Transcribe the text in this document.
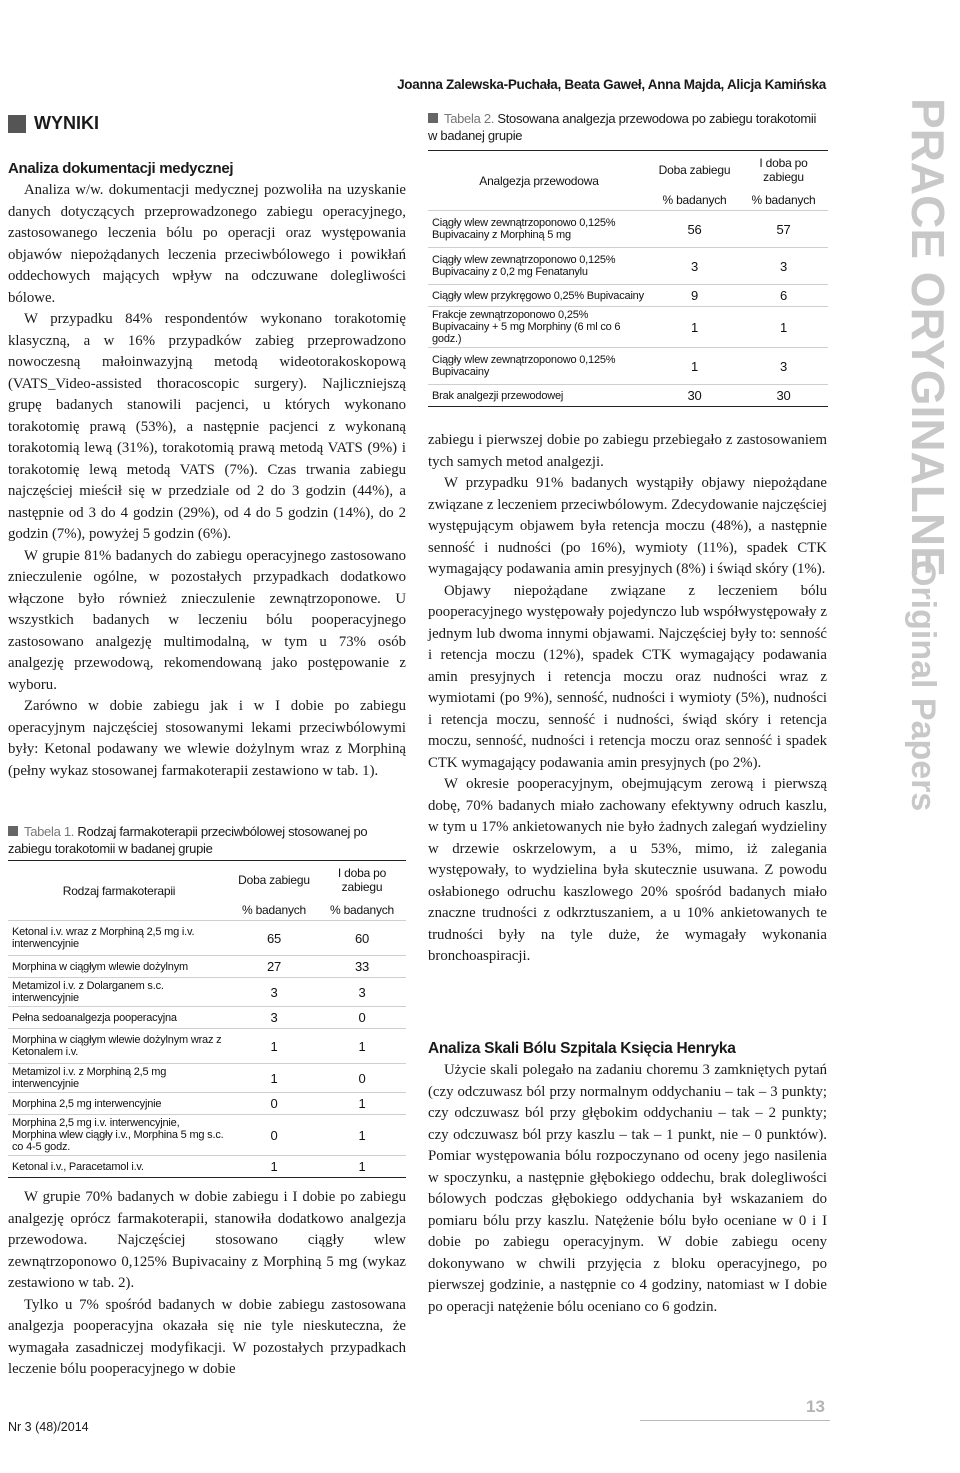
Joanna Zalewska-Puchała, Beata Gaweł, Anna Majda, Alicja Kamińska
WYNIKI
Analiza dokumentacji medycznej

Analiza w/w. dokumentacji medycznej pozwoliła na uzyskanie danych dotyczących przeprowadzonego zabiegu operacyjnego, zastosowanego leczenia bólu po operacji oraz występowania objawów niepożądanych leczenia przeciwbólowego i powikłań oddechowych mających wpływ na odczuwane dolegliwości bólowe.

W przypadku 84% respondentów wykonano torakotomię klasyczną, a w 16% przypadków zabieg przeprowadzono nowoczesną małoinwazyjną metodą wideotorakoskopową (VATS_Video-assisted thoracoscopic surgery). Najliczniejszą grupę badanych stanowili pacjenci, u których wykonano torakotomię prawą (53%), a następnie pacjenci z wykonaną torakotomią lewą (31%), torakotomią prawą metodą VATS (9%) i torakotomię lewą metodą VATS (7%). Czas trwania zabiegu najczęściej mieścił się w przedziale od 2 do 3 godzin (44%), a następnie od 3 do 4 godzin (29%), od 4 do 5 godzin (14%), do 2 godzin (7%), powyżej 5 godzin (6%).

W grupie 81% badanych do zabiegu operacyjnego zastosowano znieczulenie ogólne, w pozostałych przypadkach dodatkowo włączone było również znieczulenie zewnątrzoponowe. U wszystkich badanych w leczeniu bólu pooperacyjnego zastosowano analgezję multimodalną, w tym u 73% osób analgezję przewodową, rekomendowaną jako postępowanie z wyboru.

Zarówno w dobie zabiegu jak i w I dobie po zabiegu operacyjnym najczęściej stosowanymi lekami przeciwbólowymi były: Ketonal podawany we wlewie dożylnym wraz z Morphiną (pełny wykaz stosowanej farmakoterapii zestawiono w tab. 1).

Tabela 1. Rodzaj farmakoterapii przeciwbólowej stosowanej po zabiegu torakotomii w badanej grupie
Rodzaj farmakoterapii	Doba zabiegu	I doba po zabiegu
	% badanych	% badanych
Ketonal i.v. wraz z Morphiną 2,5 mg i.v. interwencyjnie	65	60
Morphina w ciągłym wlewie dożylnym	27	33
Metamizol i.v. z Dolarganem s.c. interwencyjnie	3	3
Pełna sedoanalgezja pooperacyjna	3	0
Morphina w ciągłym wlewie dożylnym wraz z Ketonalem i.v.	1	1
Metamizol i.v. z Morphiną 2,5 mg interwencyjnie	1	0
Morphina 2,5 mg interwencyjnie	0	1
Morphina 2,5 mg i.v. interwencyjnie, Morphina wlew ciągły i.v., Morphina 5 mg s.c. co 4-5 godz.	0	1
Ketonal i.v., Paracetamol i.v.	1	1

W grupie 70% badanych w dobie zabiegu i I dobie po zabiegu analgezję oprócz farmakoterapii, stanowiła dodatkowo analgezja przewodowa. Najczęściej stosowano ciągły wlew zewnątrzoponowo 0,125% Bupivacainy z Morphiną 5 mg (wykaz zestawiono w tab. 2).

Tylko u 7% spośród badanych w dobie zabiegu zastosowana analgezja pooperacyjna okazała się nie tyle nieskuteczna, że wymagała zasadniczej modyfikacji. W pozostałych przypadkach leczenie bólu pooperacyjnego w dobie

Tabela 2. Stosowana analgezja przewodowa po zabiegu torakotomii w badanej grupie
Analgezja przewodowa	Doba zabiegu	I doba po zabiegu
	% badanych	% badanych
Ciągły wlew zewnątrzoponowo 0,125% Bupivacainy z Morphiną 5 mg	56	57
Ciągły wlew zewnątrzoponowo 0,125% Bupivacainy z 0,2 mg Fenatanylu	3	3
Ciągły wlew przykręgowo 0,25% Bupivacainy	9	6
Frakcje zewnątrzoponowo 0,25% Bupivacainy + 5 mg Morphiny (6 ml co 6 godz.)	1	1
Ciągły wlew zewnątrzoponowo 0,125% Bupivacainy	1	3
Brak analgezji przewodowej	30	30

zabiegu i pierwszej dobie po zabiegu przebiegało z zastosowaniem tych samych metod analgezji.

W przypadku 91% badanych wystąpiły objawy niepożądane związane z leczeniem przeciwbólowym. Zdecydowanie najczęściej występującym objawem była retencja moczu (48%), a następnie senność i nudności (po 16%), wymioty (11%), spadek CTK wymagający podawania amin presyjnych (8%) i świąd skóry (1%).

Objawy niepożądane związane z leczeniem bólu pooperacyjnego występowały pojedynczo lub współwystępowały z jednym lub dwoma innymi objawami. Najczęściej były to: senność i retencja moczu (12%), spadek CTK wymagający podawania amin presyjnych i retencja moczu oraz nudności wraz z wymiotami (po 9%), senność, nudności i wymioty (5%), nudności i retencja moczu, senność i nudności, świąd skóry i retencja moczu, senność, nudności i retencja moczu oraz senność i spadek CTK wymagający podawania amin presyjnych (po 2%).

W okresie pooperacyjnym, obejmującym zerową i pierwszą dobę, 70% badanych miało zachowany efektywny odruch kaszlu, w tym u 17% ankietowanych nie było żadnych zalegań wydzieliny w drzewie oskrzelowym, a u 53%, mimo, iż zalegania występowały, to wydzielina była skutecznie usuwana. Z powodu osłabionego odruchu kaszlowego 20% spośród badanych miało znaczne trudności z odkrztuszaniem, a u 10% ankietowanych te trudności były na tyle duże, że wymagały wykonania bronchoaspiracji.

Analiza Skali Bólu Szpitala Księcia Henryka

Użycie skali polegało na zadaniu choremu 3 zamkniętych pytań (czy odczuwasz ból przy normalnym oddychaniu – tak – 3 punkty; czy odczuwasz ból przy głębokim oddychaniu – tak – 2 punkty; czy odczuwasz ból przy kaszlu – tak – 1 punkt, nie – 0 punktów). Pomiar występowania bólu rozpoczynano od oceny jego nasilenia w spoczynku, a następnie głębokiego oddechu, brak dolegliwości bólowych podczas głębokiego oddychania był wskazaniem do pomiaru bólu przy kaszlu. Natężenie bólu było oceniane w 0 i I dobie po zabiegu operacyjnym. W dobie zabiegu oceny dokonywano w chwili przyjęcia z bloku operacyjnego, po pierwszej godzinie, a następnie co 4 godziny, natomiast w I dobie po operacji natężenie bólu oceniano co 6 godzin.

PRACE ORYGINALNE
Original Papers
Nr 3 (48)/2014
13
